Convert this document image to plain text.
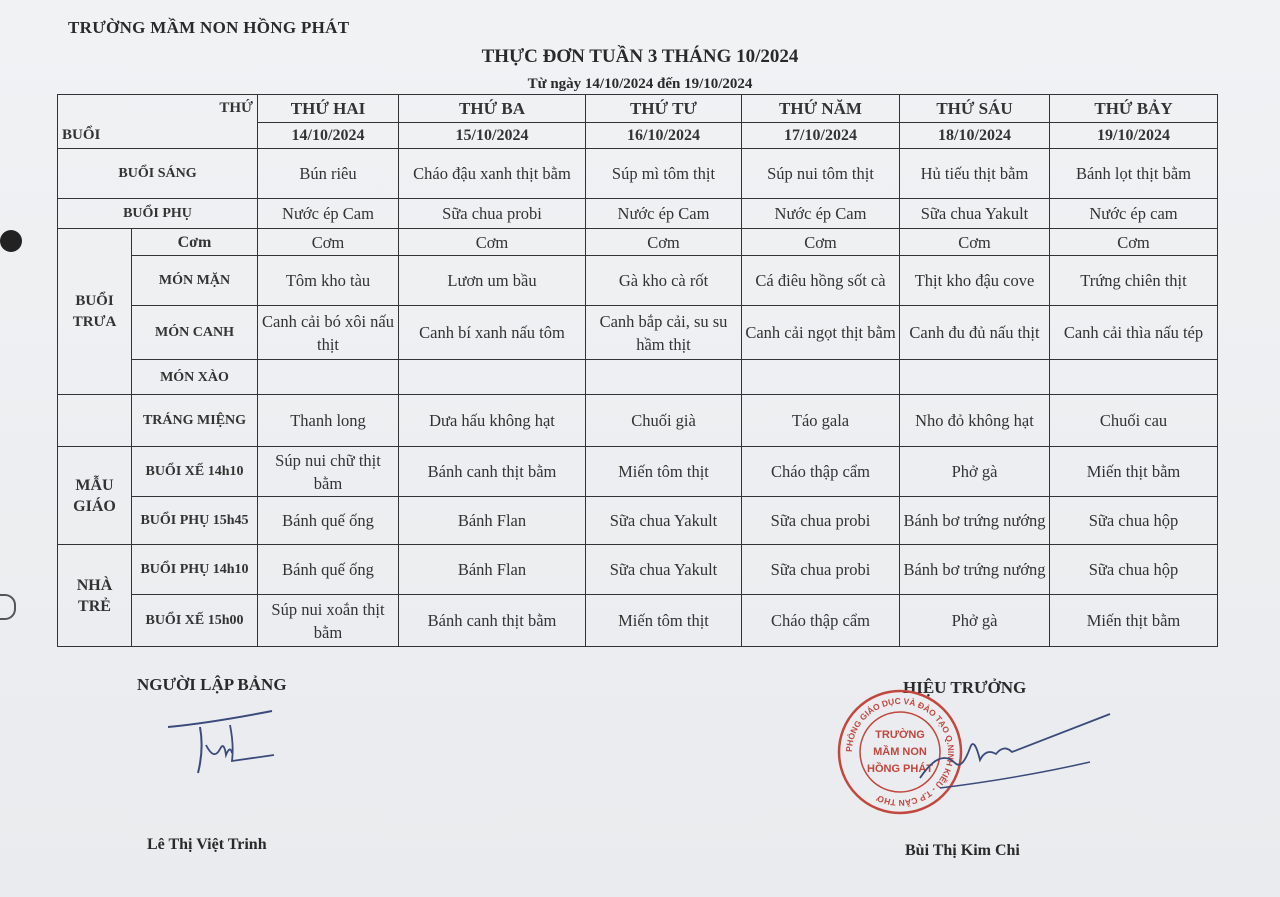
TRƯỜNG MẦM NON HỒNG PHÁT
THỰC ĐƠN TUẦN 3 THÁNG 10/2024
Từ ngày 14/10/2024 đến 19/10/2024
THỨ		THỨ HAI	THỨ BA	THỨ TƯ	THỨ NĂM	THỨ SÁU	THỨ BẢY
BUỔI		14/10/2024	15/10/2024	16/10/2024	17/10/2024	18/10/2024	19/10/2024
BUỔI SÁNG		Bún riêu	Cháo đậu xanh thịt bằm	Súp mì tôm thịt	Súp nui tôm thịt	Hủ tiếu thịt bằm	Bánh lọt thịt bằm
BUỔI PHỤ		Nước ép Cam	Sữa chua probi	Nước ép Cam	Nước ép Cam	Sữa chua Yakult	Nước ép cam
BUỔI TRƯA	Cơm	Cơm	Cơm	Cơm	Cơm	Cơm	Cơm
	MÓN MẶN	Tôm kho tàu	Lươn um bầu	Gà kho cà rốt	Cá điêu hồng sốt cà	Thịt kho đậu cove	Trứng chiên thịt
	MÓN CANH	Canh cải bó xôi nấu thịt	Canh bí xanh nấu tôm	Canh bắp cải, su su hầm thịt	Canh cải ngọt thịt bằm	Canh đu đủ nấu thịt	Canh cải thìa nấu tép
	MÓN XÀO						
	TRÁNG MIỆNG	Thanh long	Dưa hấu không hạt	Chuối già	Táo gala	Nho đỏ không hạt	Chuối cau
MẪU GIÁO	BUỔI XẾ 14h10	Súp nui chữ thịt bằm	Bánh canh thịt bằm	Miến tôm thịt	Cháo thập cẩm	Phở gà	Miến thịt bằm
	BUỔI PHỤ 15h45	Bánh quế ống	Bánh Flan	Sữa chua Yakult	Sữa chua probi	Bánh bơ trứng nướng	Sữa chua hộp
NHÀ TRẺ	BUỔI PHỤ 14h10	Bánh quế ống	Bánh Flan	Sữa chua Yakult	Sữa chua probi	Bánh bơ trứng nướng	Sữa chua hộp
	BUỔI XẾ 15h00	Súp nui xoắn thịt bằm	Bánh canh thịt bằm	Miến tôm thịt	Cháo thập cẩm	Phở gà	Miến thịt bằm
NGƯỜI LẬP BẢNG	HIỆU TRƯỞNG
PHÒNG GIÁO DỤC VÀ ĐÀO TẠO Q.NINH KIỀU - T.P CẦN THƠ
TRƯỜNG
MẦM NON
HỒNG PHÁT
Lê Thị Việt Trinh	Bùi Thị Kim Chi
